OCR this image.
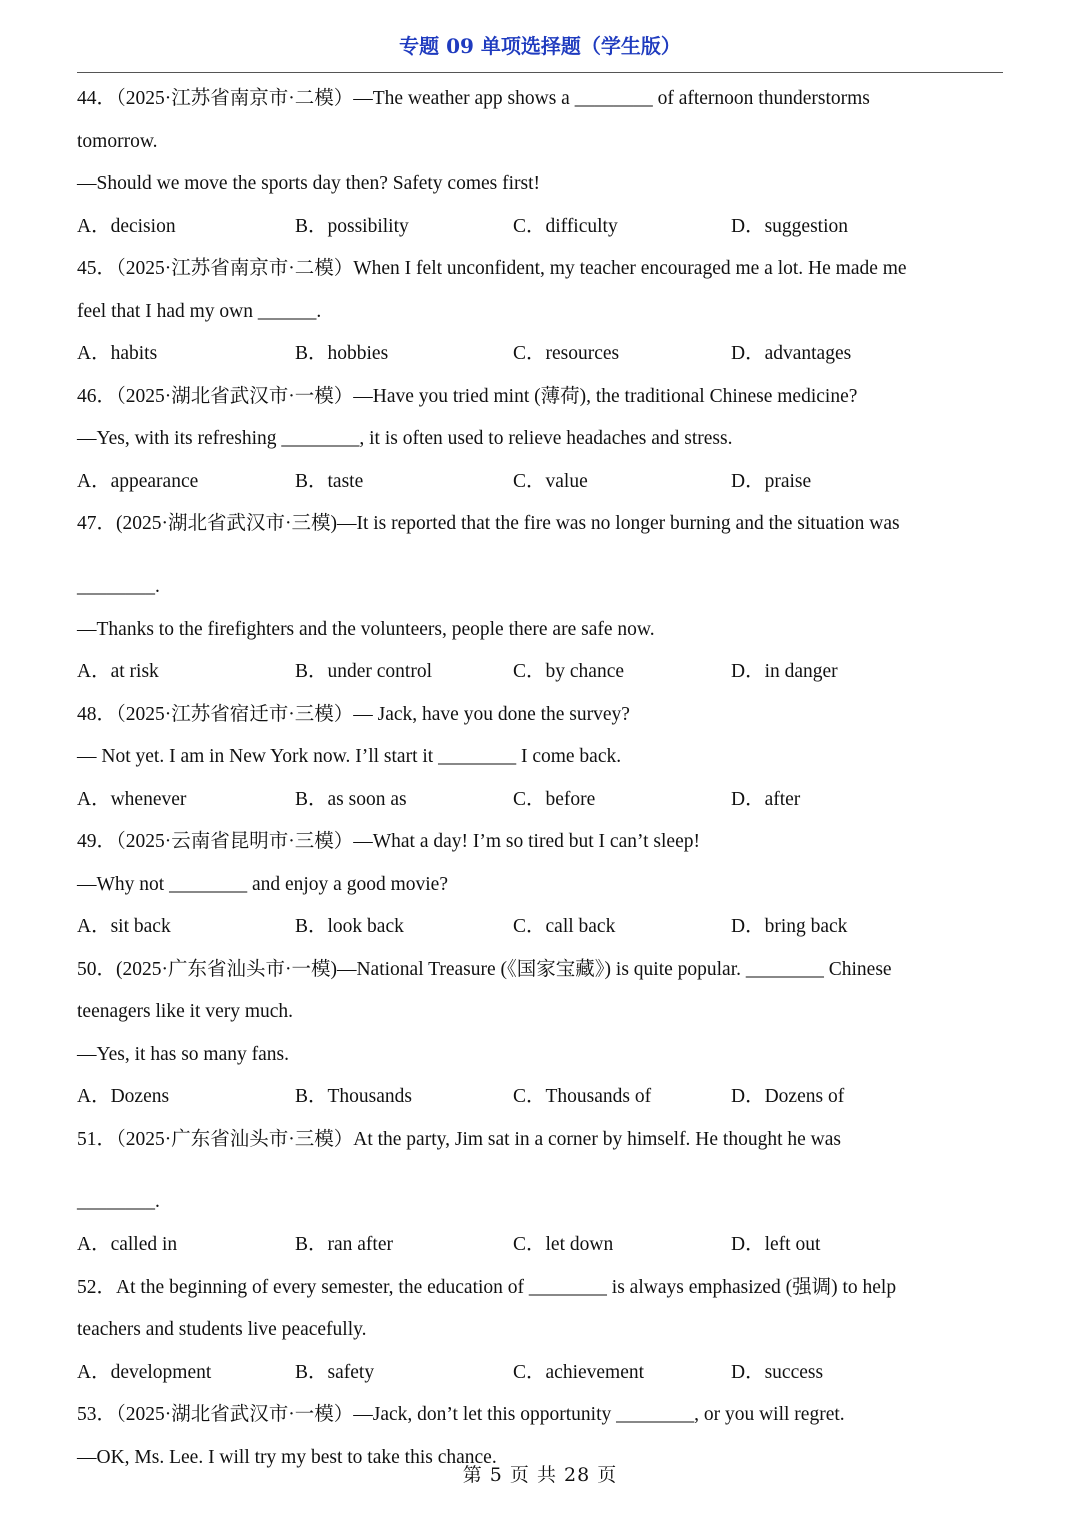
专题 09 单项选择题（学生版）
44．（2025·江苏省南京市·二模）—The weather app shows a ________ of afternoon thunderstorms
tomorrow.
—Should we move the sports day then? Safety comes first!
A．decision	B．possibility	C．difficulty	D．suggestion
45．（2025·江苏省南京市·二模）When I felt unconfident, my teacher encouraged me a lot. He made me
feel that I had my own ______.
A．habits	B．hobbies	C．resources	D．advantages
46．（2025·湖北省武汉市·一模）—Have you tried mint (薄荷), the traditional Chinese medicine?
—Yes, with its refreshing ________, it is often used to relieve headaches and stress.
A．appearance	B．taste	C．value	D．praise
47．(2025·湖北省武汉市·三模)—It is reported that the fire was no longer burning and the situation was
________.
—Thanks to the firefighters and the volunteers, people there are safe now.
A．at risk	B．under control	C．by chance	D．in danger
48．（2025·江苏省宿迁市·三模）— Jack, have you done the survey?
— Not yet. I am in New York now. I’ll start it ________ I come back.
A．whenever	B．as soon as	C．before	D．after
49．（2025·云南省昆明市·三模）—What a day! I’m so tired but I can’t sleep!
—Why not ________ and enjoy a good movie?
A．sit back	B．look back	C．call back	D．bring back
50．(2025·广东省汕头市·一模)—National Treasure (《国家宝藏》) is quite popular. ________ Chinese
teenagers like it very much.
—Yes, it has so many fans.
A．Dozens	B．Thousands	C．Thousands of	D．Dozens of
51．（2025·广东省汕头市·三模）At the party, Jim sat in a corner by himself. He thought he was
________.
A．called in	B．ran after	C．let down	D．left out
52．At the beginning of every semester, the education of ________ is always emphasized (强调) to help
teachers and students live peacefully.
A．development	B．safety	C．achievement	D．success
53．（2025·湖北省武汉市·一模）—Jack, don’t let this opportunity ________, or you will regret.
—OK, Ms. Lee. I will try my best to take this chance.
第 5 页 共 28 页
